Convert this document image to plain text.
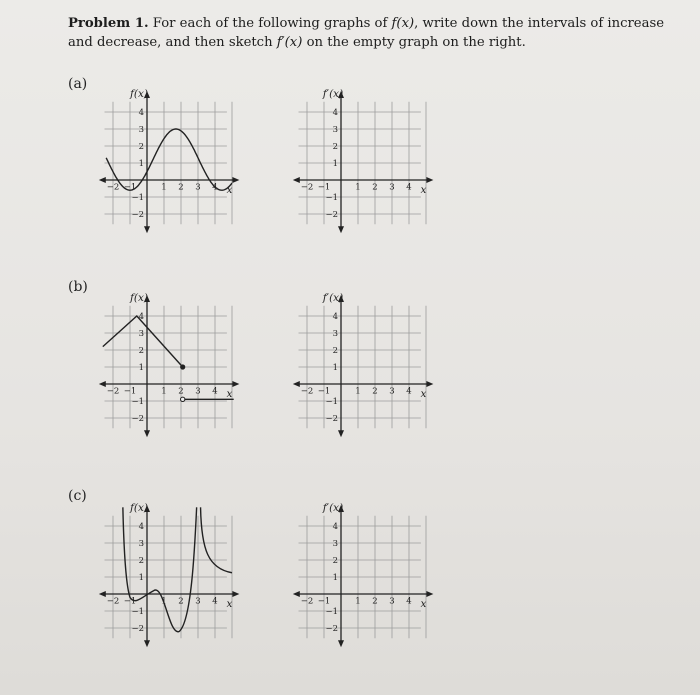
Problem 1. For each of the following graphs of f(x), write down the intervals of increase and decrease, and then sketch f′(x) on the empty graph on the right.
(a)
(b)
(c)
−2 −1	1 2 3 4
4
3
2
1
−1
−2
x
f(x)
−2 −1	1 2 3 4
4
3
2
1
−1
−2
x
f′(x)
−2 −1	1 2 3 4
4
3
2
1
−1
−2
x
f(x)
−2 −1	1 2 3 4
4
3
2
1
−1
−2
x
f′(x)
−2 −1	1 2 3 4
4
3
2
1
−1
−2
x
f(x)
−2 −1	1 2 3 4
4
3
2
1
−1
−2
x
f′(x)
